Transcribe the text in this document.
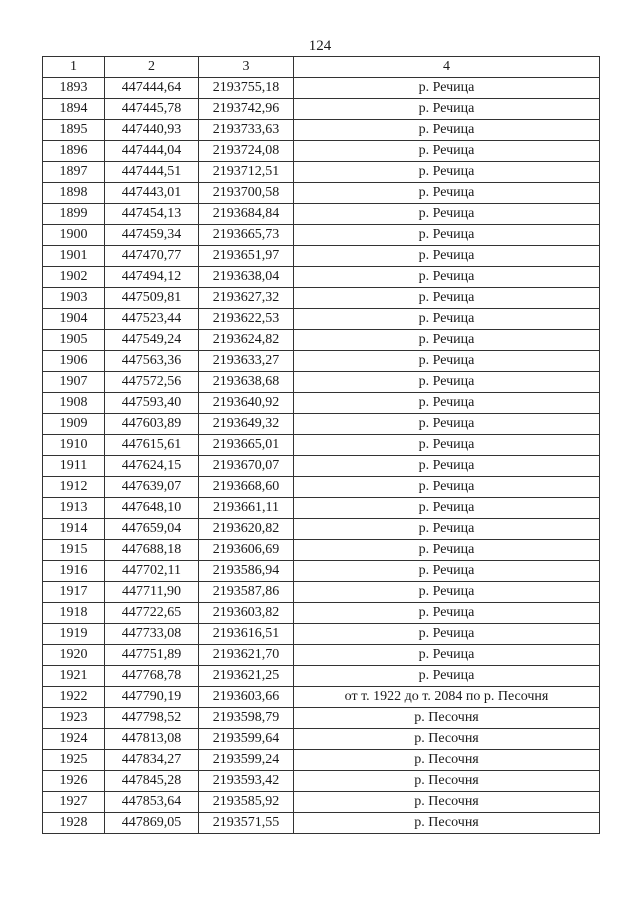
124
1	2	3	4
1893	447444,64	2193755,18	р. Речица
1894	447445,78	2193742,96	р. Речица
1895	447440,93	2193733,63	р. Речица
1896	447444,04	2193724,08	р. Речица
1897	447444,51	2193712,51	р. Речица
1898	447443,01	2193700,58	р. Речица
1899	447454,13	2193684,84	р. Речица
1900	447459,34	2193665,73	р. Речица
1901	447470,77	2193651,97	р. Речица
1902	447494,12	2193638,04	р. Речица
1903	447509,81	2193627,32	р. Речица
1904	447523,44	2193622,53	р. Речица
1905	447549,24	2193624,82	р. Речица
1906	447563,36	2193633,27	р. Речица
1907	447572,56	2193638,68	р. Речица
1908	447593,40	2193640,92	р. Речица
1909	447603,89	2193649,32	р. Речица
1910	447615,61	2193665,01	р. Речица
1911	447624,15	2193670,07	р. Речица
1912	447639,07	2193668,60	р. Речица
1913	447648,10	2193661,11	р. Речица
1914	447659,04	2193620,82	р. Речица
1915	447688,18	2193606,69	р. Речица
1916	447702,11	2193586,94	р. Речица
1917	447711,90	2193587,86	р. Речица
1918	447722,65	2193603,82	р. Речица
1919	447733,08	2193616,51	р. Речица
1920	447751,89	2193621,70	р. Речица
1921	447768,78	2193621,25	р. Речица
1922	447790,19	2193603,66	от т. 1922 до т. 2084 по р. Песочня
1923	447798,52	2193598,79	р. Песочня
1924	447813,08	2193599,64	р. Песочня
1925	447834,27	2193599,24	р. Песочня
1926	447845,28	2193593,42	р. Песочня
1927	447853,64	2193585,92	р. Песочня
1928	447869,05	2193571,55	р. Песочня
